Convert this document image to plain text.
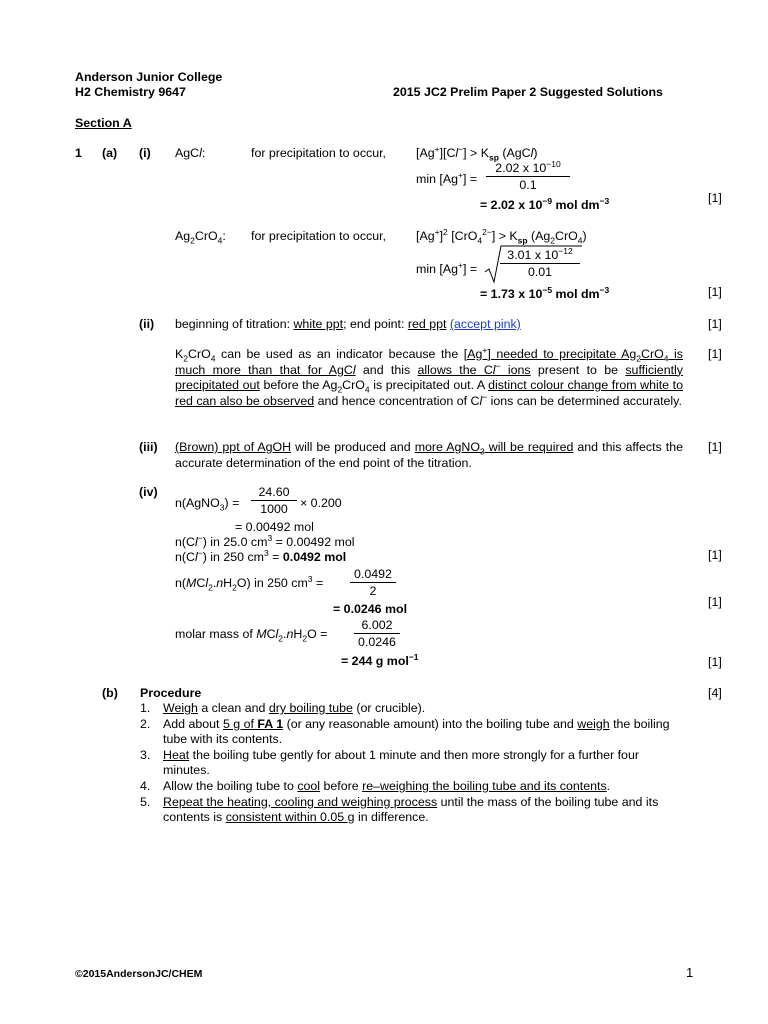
Anderson Junior College
H2 Chemistry 9647	2015 JC2 Prelim Paper 2 Suggested Solutions
Section A
1 (a) (i) AgCl:	for precipitation to occur, $[Ag^+][Cl^-] > K_{sp}$ (AgCl)
$\min [Ag^+] = \frac{2.02 x 10^{-10}}{0.1}$
= 2.02 x $10^{-9}$ mol $dm^{-3}$	[1]
$Ag_2CrO_4$: for precipitation to occur, $[Ag^+]^2$ $[CrO_4^{2-}] > K_{sp}$ $(Ag_2CrO_4)$
$\min [Ag^+] = \frac{3.01 x 10^{-12}}{0.01}$
= 1.73 x $10^{-5}$ mol $dm^{-3}$	[1]
(ii) beginning of titration: white ppt; end point: red ppt (accept pink)	[1]
$K_2CrO_4$ can be used as an indicator because the [Ag+] needed to precipitate $Ag_2CrO_4$ is much more than that for AgCl and this allows the Cl− ions present to be sufficiently precipitated out before the $Ag_2CrO_4$ is precipitated out. A distinct colour change from white to red can also be observed and hence concentration of Cl− ions can be determined accurately.
[1]
(iii) (Brown) ppt of AgOH will be produced and more AgNO$_3$ will be required and this affects the accurate determination of the end point of the titration.
[1]
(iv)
n(AgNO$_3$) = $\frac{24.60}{1000} \times 0.200$
= 0.00492 mol
n(Cl−) in 25.0 $cm^3 = 0.00492$ mol
n(Cl−) in 250 $cm^3 = 0.0492$ mol	[1]
$n(MCl_2.nH_2O)$ in 250 $cm^3 = \frac{0.0492}{2}$
= 0.0246 mol	[1]
molar mass of $MCl_2.nH_2O = \frac{6.002}{0.0246}$
= 244 g mol$^{-1}$	[1]
(b) Procedure	[4]
1. Weigh a clean and dry boiling tube (or crucible).
2. Add about 5 g of FA 1 (or any reasonable amount) into the boiling tube and weigh the boiling tube with its contents.
3. Heat the boiling tube gently for about 1 minute and then more strongly for a further four minutes.
4. Allow the boiling tube to cool before re–weighing the boiling tube and its contents.
5. Repeat the heating, cooling and weighing process until the mass of the boiling tube and its contents is consistent within 0.05 g in difference.
©2015AndersonJC/CHEM	1
